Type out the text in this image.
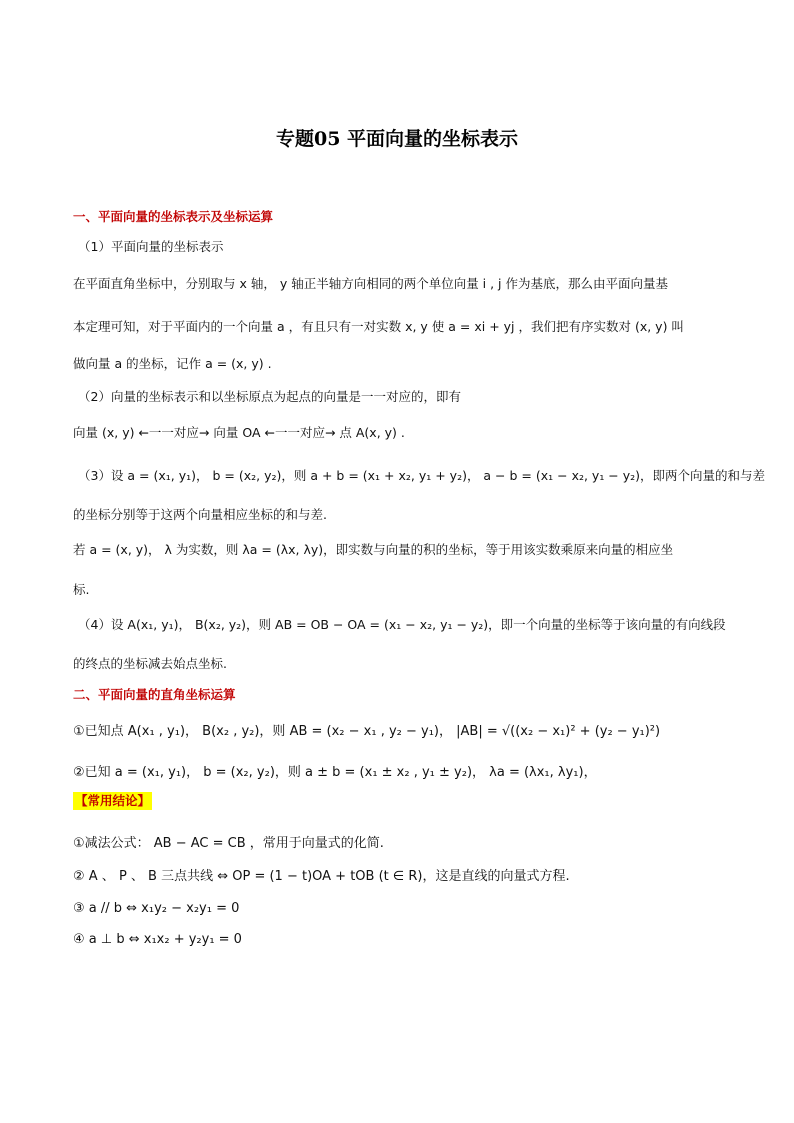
专题05 平面向量的坐标表示
一、平面向量的坐标表示及坐标运算
（1）平面向量的坐标表示
在平面直角坐标中，分别取与 x 轴， y 轴正半轴方向相同的两个单位向量 i , j 作为基底，那么由平面向量基
本定理可知，对于平面内的一个向量 a ，有且只有一对实数 x, y 使 a = xi + yj ，我们把有序实数对 (x, y) 叫
做向量 a 的坐标，记作 a = (x, y) .
（2）向量的坐标表示和以坐标原点为起点的向量是一一对应的，即有
向量 (x, y) ←一一对应→ 向量 OA ←一一对应→ 点 A(x, y) .
（3）设 a = (x₁, y₁)， b = (x₂, y₂)，则 a + b = (x₁ + x₂, y₁ + y₂)， a − b = (x₁ − x₂, y₁ − y₂)，即两个向量的和与差
的坐标分别等于这两个向量相应坐标的和与差.
若 a = (x, y)， λ 为实数，则 λa = (λx, λy)，即实数与向量的积的坐标，等于用该实数乘原来向量的相应坐
标.
（4）设 A(x₁, y₁)， B(x₂, y₂)，则 AB = OB − OA = (x₁ − x₂, y₁ − y₂)，即一个向量的坐标等于该向量的有向线段
的终点的坐标减去始点坐标.
二、平面向量的直角坐标运算
①已知点 A(x₁ , y₁)， B(x₂ , y₂)，则 AB = (x₂ − x₁ , y₂ − y₁)， |AB| = √((x₂ − x₁)² + (y₂ − y₁)²)
②已知 a = (x₁, y₁)， b = (x₂, y₂)，则 a ± b = (x₁ ± x₂ , y₁ ± y₂)， λa = (λx₁, λy₁)，
【常用结论】
①减法公式： AB − AC = CB ，常用于向量式的化简.
② A 、 P 、 B 三点共线 ⇔ OP = (1 − t)OA + tOB (t ∈ R)，这是直线的向量式方程.
③ a // b ⇔ x₁y₂ − x₂y₁ = 0
④ a ⊥ b ⇔ x₁x₂ + y₂y₁ = 0
